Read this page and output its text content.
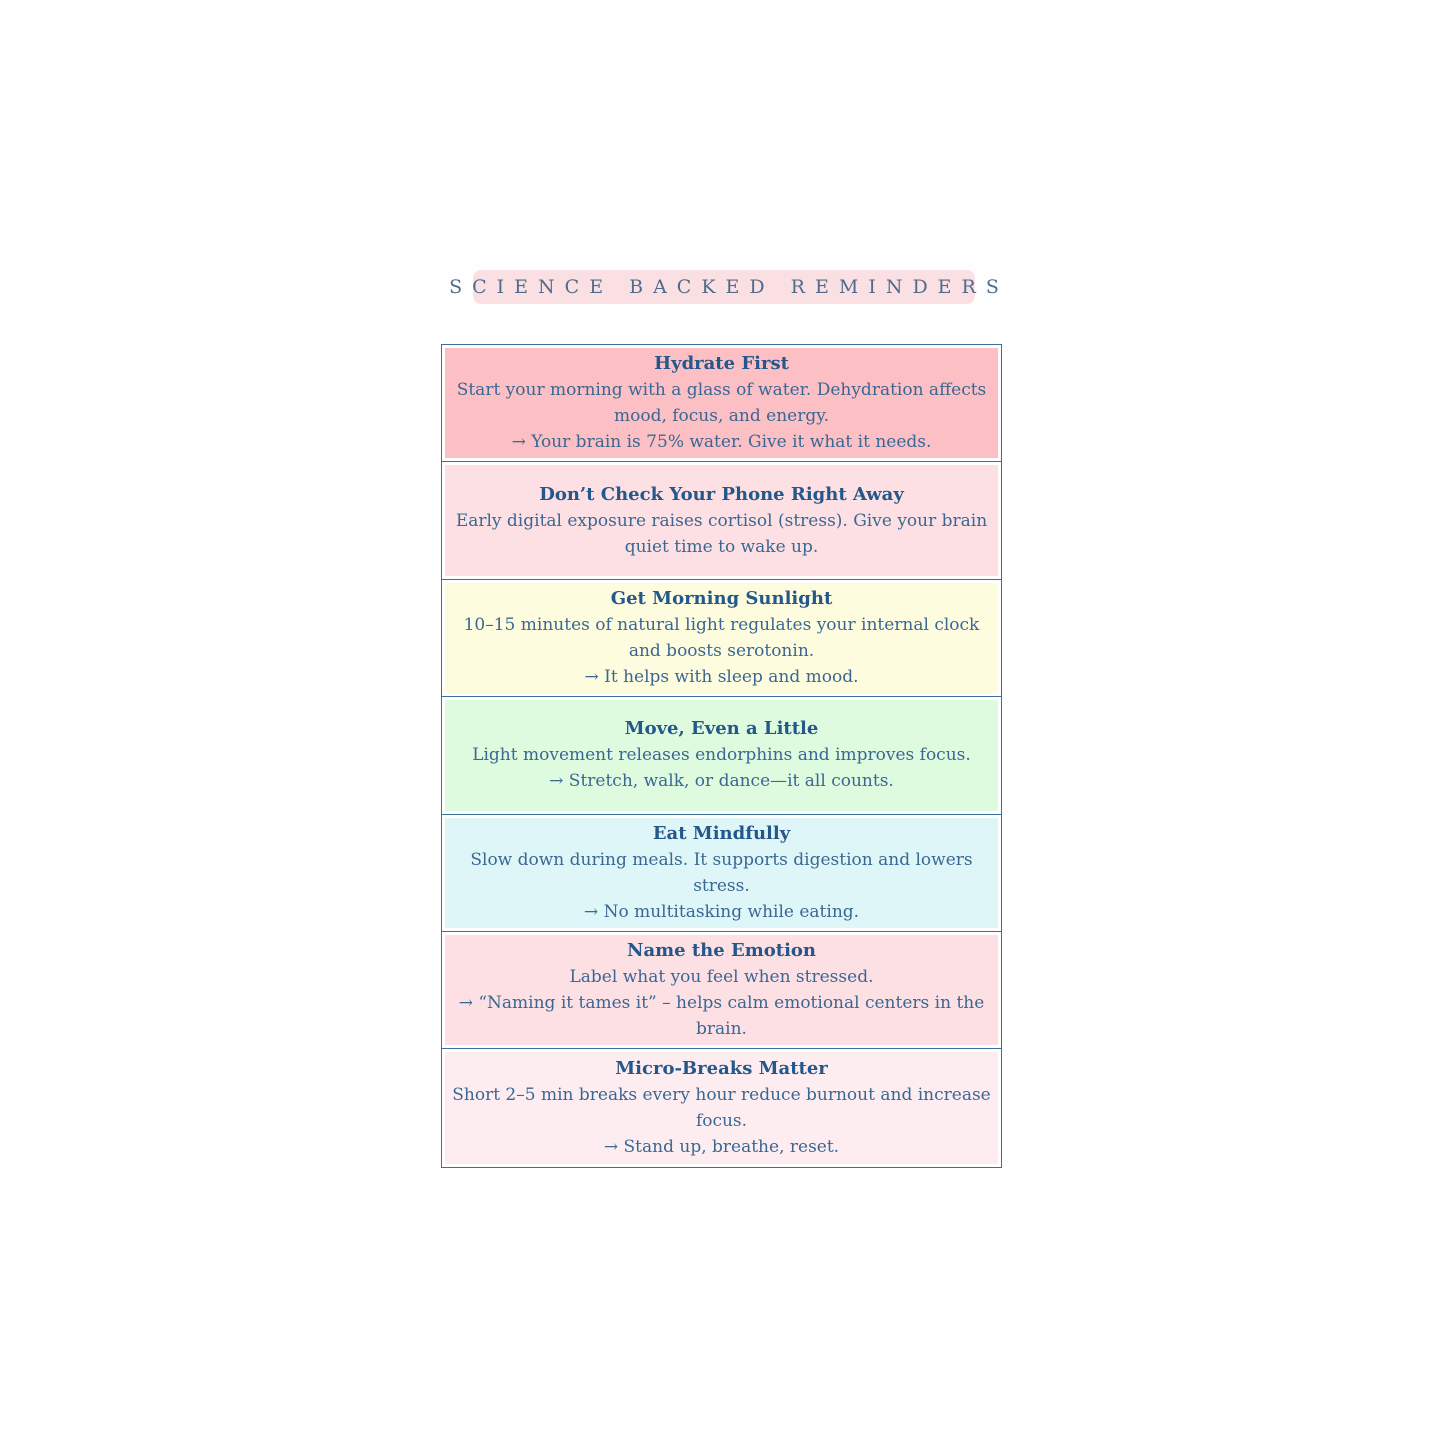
SCIENCE BACKED REMINDERS
Hydrate First
Start your morning with a glass of water. Dehydration affects mood, focus, and energy.
→ Your brain is 75% water. Give it what it needs.
Don’t Check Your Phone Right Away
Early digital exposure raises cortisol (stress). Give your brain quiet time to wake up.
Get Morning Sunlight
10–15 minutes of natural light regulates your internal clock and boosts serotonin.
→ It helps with sleep and mood.
Move, Even a Little
Light movement releases endorphins and improves focus.
→ Stretch, walk, or dance—it all counts.
Eat Mindfully
Slow down during meals. It supports digestion and lowers stress.
→ No multitasking while eating.
Name the Emotion
Label what you feel when stressed.
→ “Naming it tames it” – helps calm emotional centers in the brain.
Micro-Breaks Matter
Short 2–5 min breaks every hour reduce burnout and increase focus.
→ Stand up, breathe, reset.
